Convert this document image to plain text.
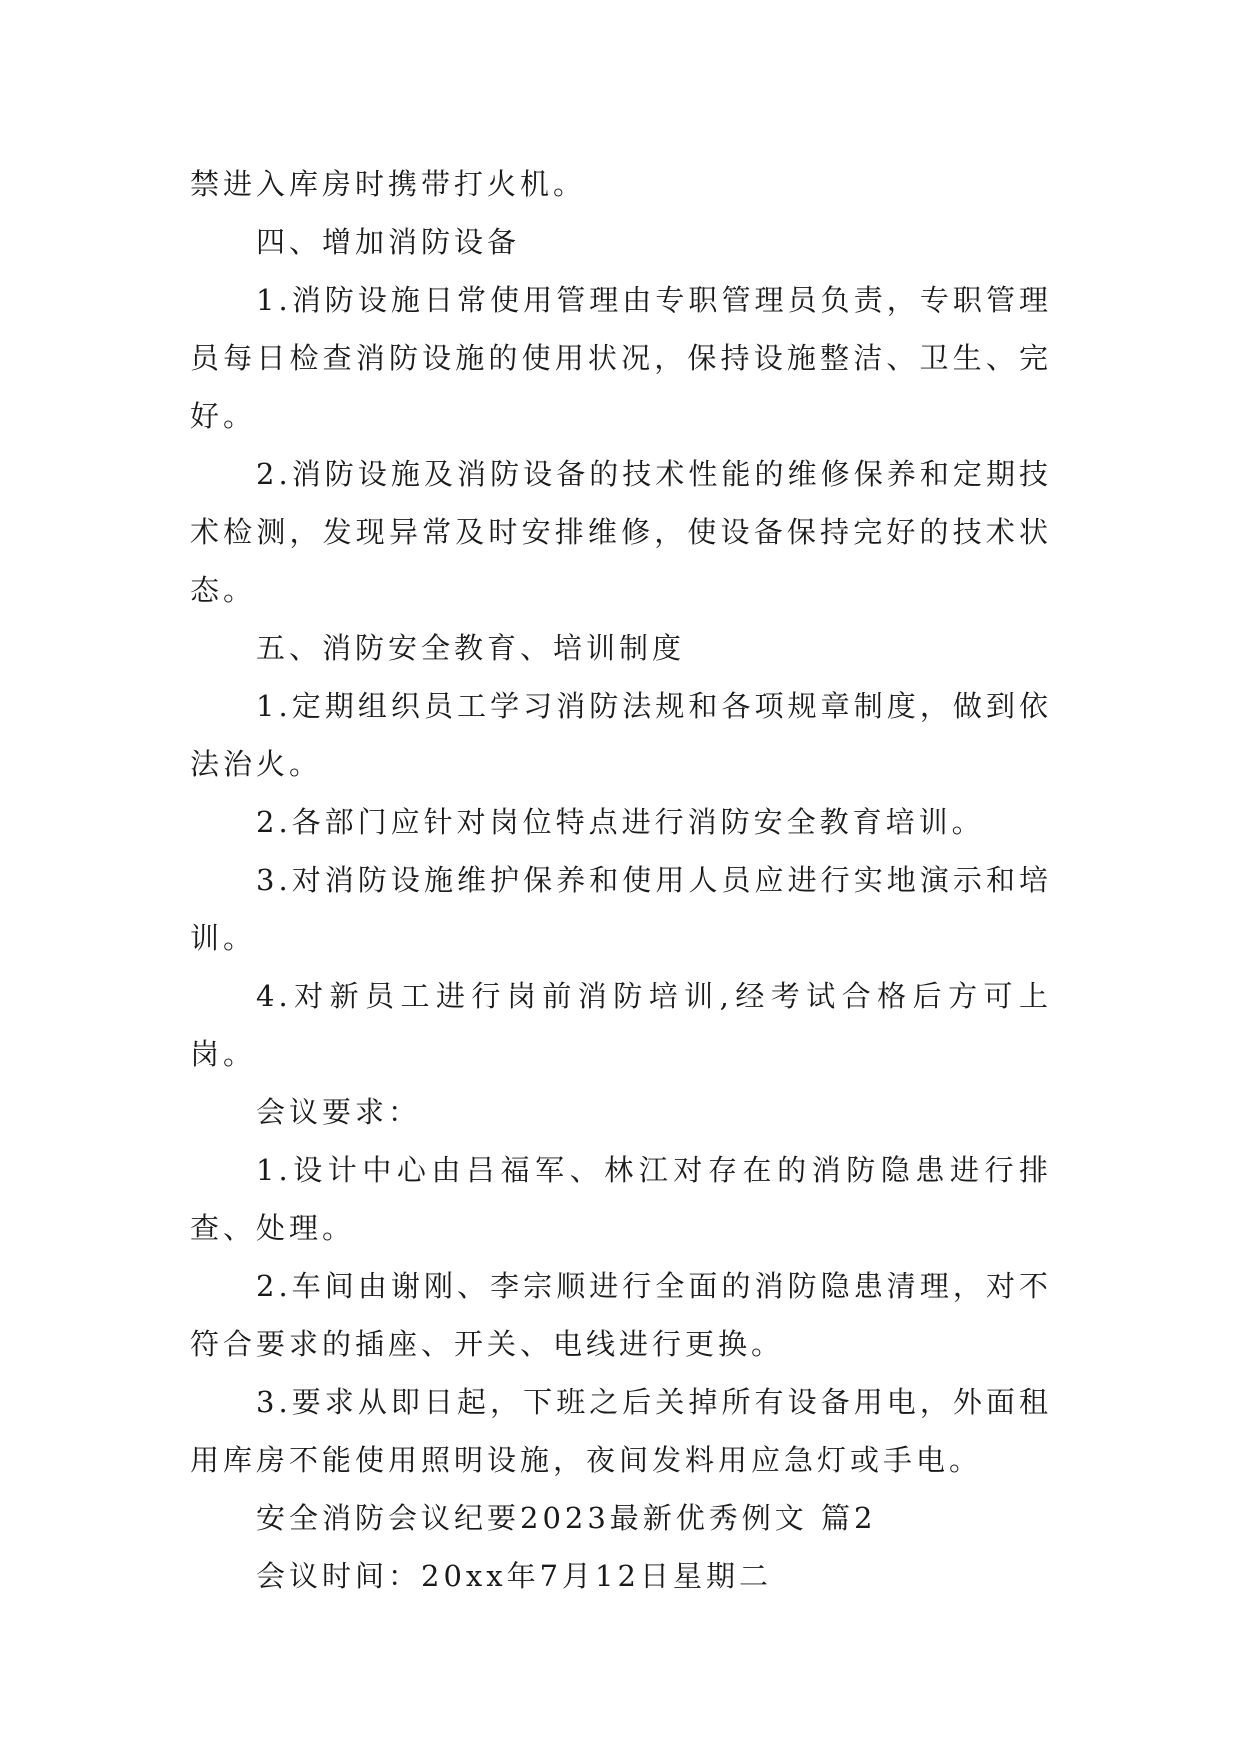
禁进入库房时携带打火机。

四、增加消防设备

1.消防设施日常使用管理由专职管理员负责，专职管理员每日检查消防设施的使用状况，保持设施整洁、卫生、完好。

2.消防设施及消防设备的技术性能的维修保养和定期技术检测，发现异常及时安排维修，使设备保持完好的技术状态。

五、消防安全教育、培训制度

1.定期组织员工学习消防法规和各项规章制度，做到依法治火。

2.各部门应针对岗位特点进行消防安全教育培训。

3.对消防设施维护保养和使用人员应进行实地演示和培训。

4.对新员工进行岗前消防培训,经考试合格后方可上岗。

会议要求：

1.设计中心由吕福军、林江对存在的消防隐患进行排查、处理。

2.车间由谢刚、李宗顺进行全面的消防隐患清理，对不符合要求的插座、开关、电线进行更换。

3.要求从即日起，下班之后关掉所有设备用电，外面租用库房不能使用照明设施，夜间发料用应急灯或手电。

安全消防会议纪要2023最新优秀例文 篇2

会议时间：20xx年7月12日星期二
